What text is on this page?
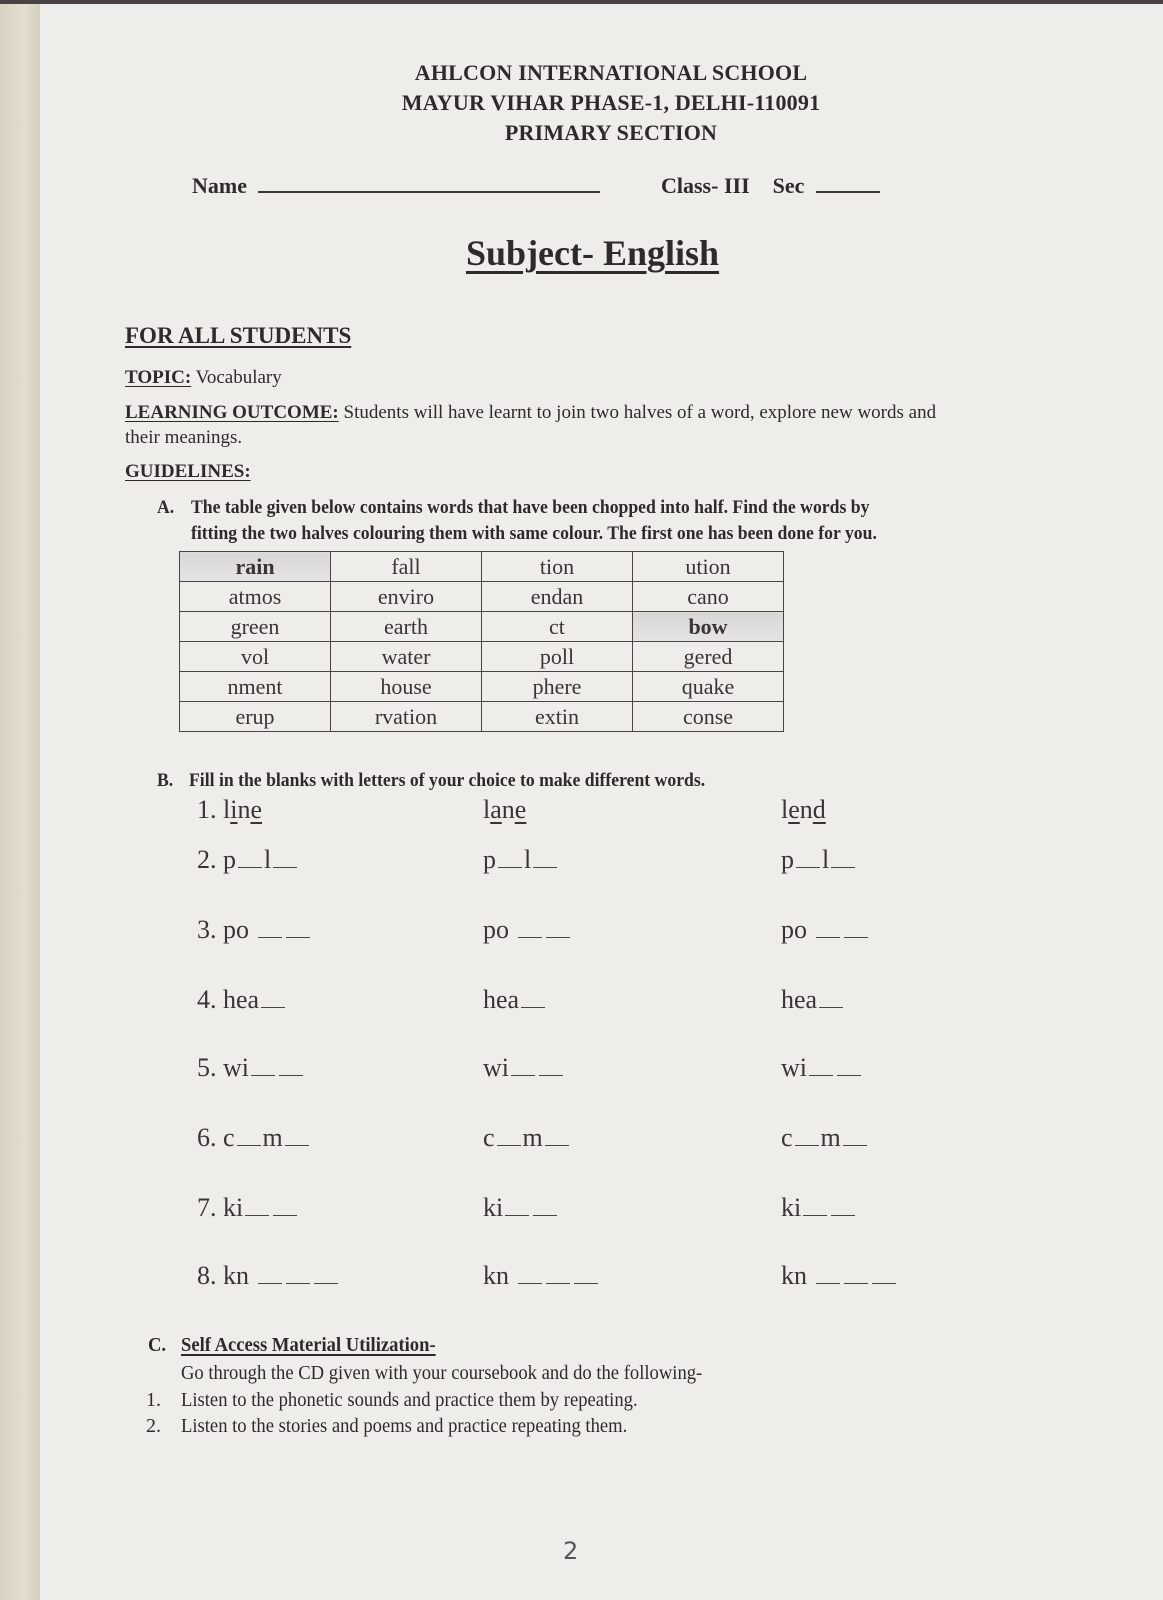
AHLCON INTERNATIONAL SCHOOL
MAYUR VIHAR PHASE-1, DELHI-110091
PRIMARY SECTION
Name	Class- III Sec
Subject- English
FOR ALL STUDENTS
TOPIC: Vocabulary
LEARNING OUTCOME: Students will have learnt to join two halves of a word, explore new words and
their meanings.
GUIDELINES:
A. The table given below contains words that have been chopped into half. Find the words by
fitting the two halves colouring them with same colour. The first one has been done for you.
rain	fall	tion	ution
atmos	enviro	endan	cano
green	earth	ct	bow
vol	water	poll	gered
nment	house	phere	quake
erup	rvation	extin	conse
B. Fill in the blanks with letters of your choice to make different words.
1. line	lane	lend
2. p l	p l	p l
3. po	po	po
4. hea	hea	hea
5. wi	wi	wi
6. c m	c m	c m
7. ki	ki	ki
8. kn	kn	kn
C. Self Access Material Utilization-
Go through the CD given with your coursebook and do the following-
1. Listen to the phonetic sounds and practice them by repeating.
2. Listen to the stories and poems and practice repeating them.
2
